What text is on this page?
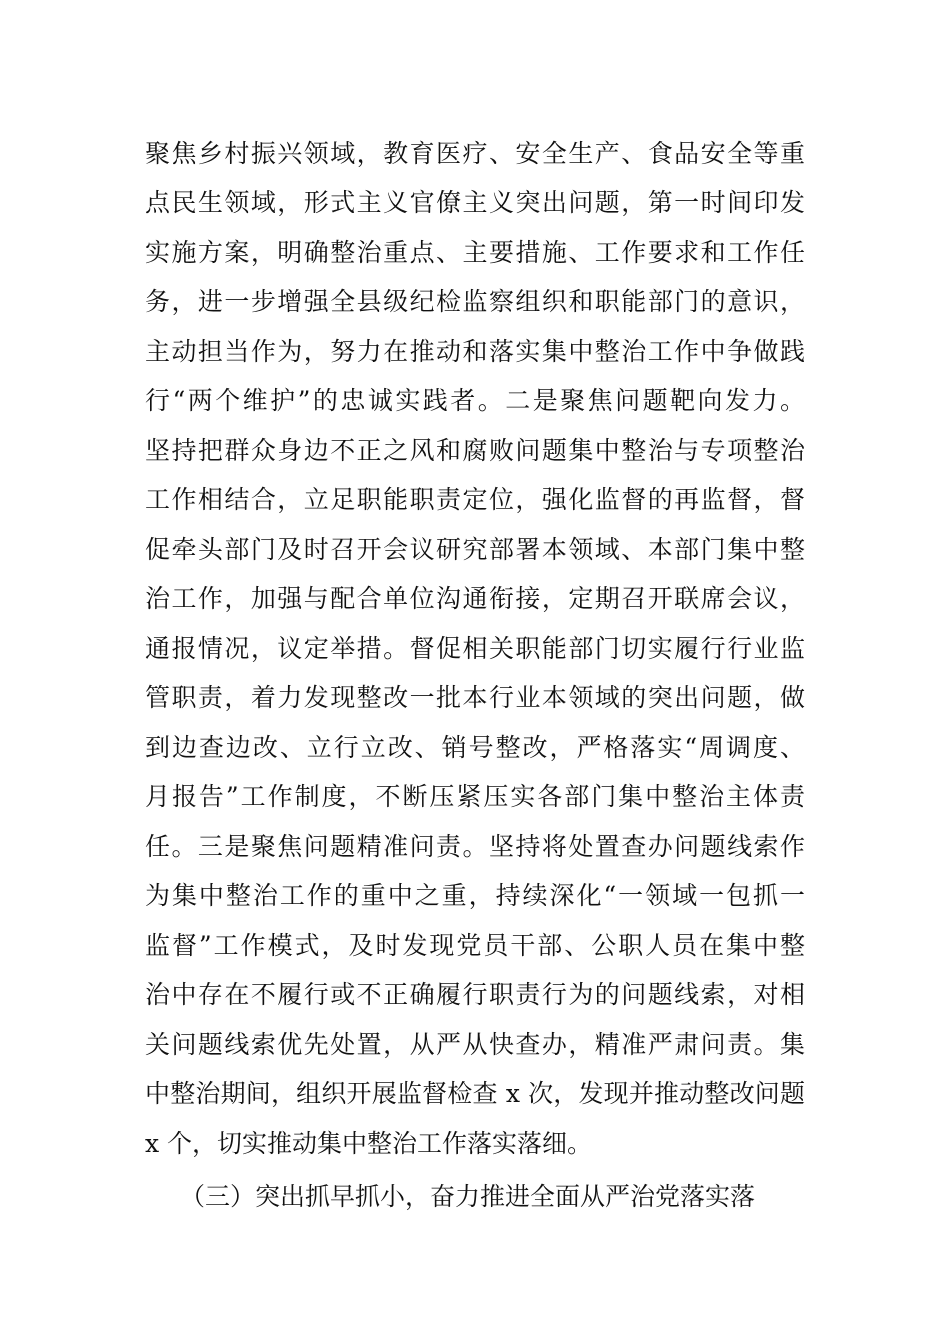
聚焦乡村振兴领域，教育医疗、安全生产、食品安全等重
点民生领域，形式主义官僚主义突出问题，第一时间印发
实施方案，明确整治重点、主要措施、工作要求和工作任
务，进一步增强全县级纪检监察组织和职能部门的意识，
主动担当作为，努力在推动和落实集中整治工作中争做践
行“两个维护”的忠诚实践者。二是聚焦问题靶向发力。
坚持把群众身边不正之风和腐败问题集中整治与专项整治
工作相结合，立足职能职责定位，强化监督的再监督，督
促牵头部门及时召开会议研究部署本领域、本部门集中整
治工作，加强与配合单位沟通衔接，定期召开联席会议，
通报情况，议定举措。督促相关职能部门切实履行行业监
管职责，着力发现整改一批本行业本领域的突出问题，做
到边查边改、立行立改、销号整改，严格落实“周调度、
月报告”工作制度，不断压紧压实各部门集中整治主体责
任。三是聚焦问题精准问责。坚持将处置查办问题线索作
为集中整治工作的重中之重，持续深化“一领域一包抓一
监督”工作模式，及时发现党员干部、公职人员在集中整
治中存在不履行或不正确履行职责行为的问题线索，对相
关问题线索优先处置，从严从快查办，精准严肃问责。集
中整治期间，组织开展监督检查 x 次，发现并推动整改问题
x 个，切实推动集中整治工作落实落细。
（三）突出抓早抓小，奋力推进全面从严治党落实落
